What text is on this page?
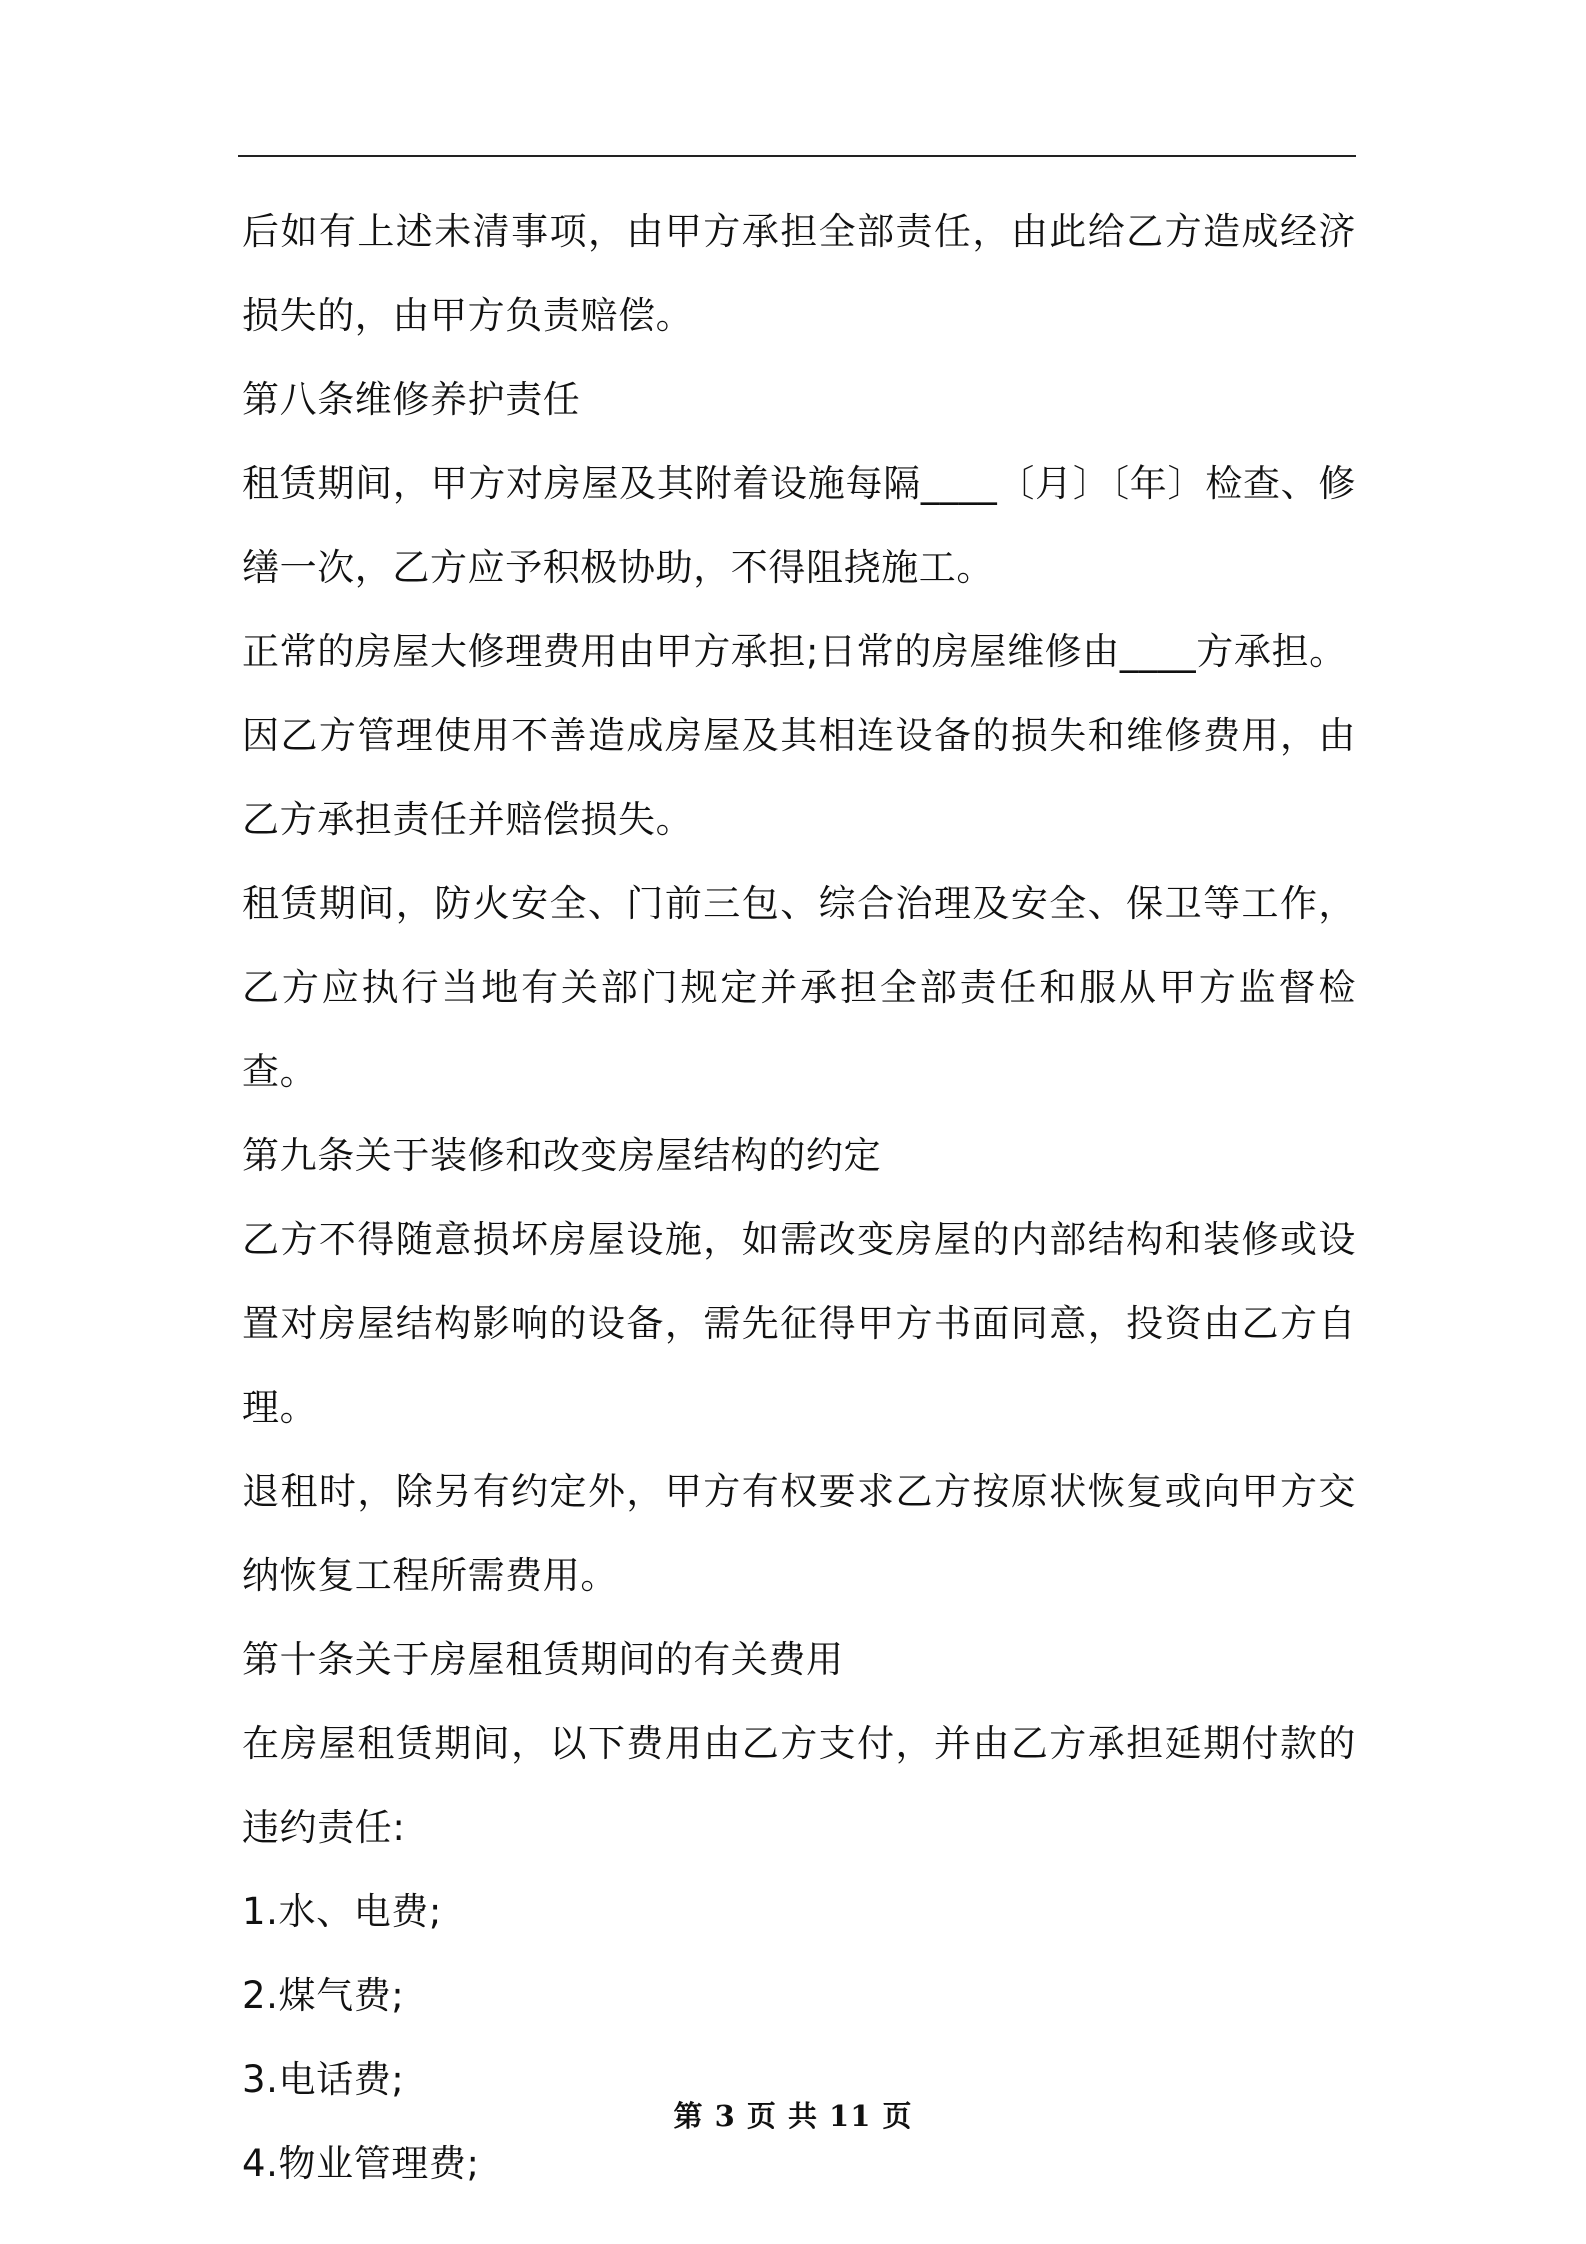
后如有上述未清事项，由甲方承担全部责任，由此给乙方造成经济损失的，由甲方负责赔偿。

第八条维修养护责任

租赁期间，甲方对房屋及其附着设施每隔____〔月〕〔年〕检查、修缮一次，乙方应予积极协助，不得阻挠施工。

正常的房屋大修理费用由甲方承担;日常的房屋维修由____方承担。

因乙方管理使用不善造成房屋及其相连设备的损失和维修费用，由乙方承担责任并赔偿损失。

租赁期间，防火安全、门前三包、综合治理及安全、保卫等工作，乙方应执行当地有关部门规定并承担全部责任和服从甲方监督检查。

第九条关于装修和改变房屋结构的约定

乙方不得随意损坏房屋设施，如需改变房屋的内部结构和装修或设置对房屋结构影响的设备，需先征得甲方书面同意，投资由乙方自理。

退租时，除另有约定外，甲方有权要求乙方按原状恢复或向甲方交纳恢复工程所需费用。

第十条关于房屋租赁期间的有关费用

在房屋租赁期间，以下费用由乙方支付，并由乙方承担延期付款的违约责任:

1.水、电费;

2.煤气费;

3.电话费;

4.物业管理费;

第 3 页 共 11 页
